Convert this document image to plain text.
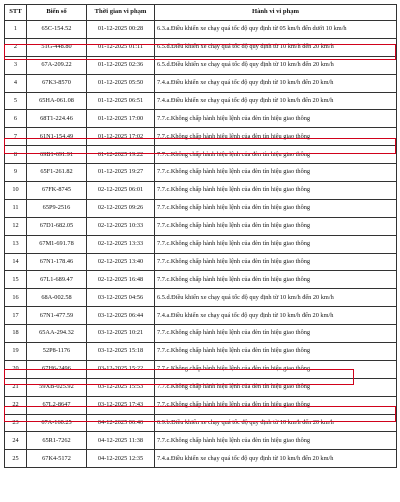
STT	Biển số	Thời gian vi phạm	Hành vi vi phạm
1	65C-154.52	01-12-2025 00:28	6.3.a.Điều khiển xe chạy quá tốc độ quy định từ 05 km/h đến dưới 10 km/h
2	51G-448.80	01-12-2025 01:11	6.5.d.Điều khiển xe chạy quá tốc độ quy định từ 10 km/h đến 20 km/h
3	67A-209.22	01-12-2025 02:36	6.5.d.Điều khiển xe chạy quá tốc độ quy định từ 10 km/h đến 20 km/h
4	67K3-8570	01-12-2025 05:50	7.4.a.Điều khiển xe chạy quá tốc độ quy định từ 10 km/h đến 20 km/h
5	65HA-061.08	01-12-2025 06:51	7.4.a.Điều khiển xe chạy quá tốc độ quy định từ 10 km/h đến 20 km/h
6	68T1-224.46	01-12-2025 17:00	7.7.c.Không chấp hành hiệu lệnh của đèn tín hiệu giao thông
7	61N1-154.49	01-12-2025 17:02	7.7.c.Không chấp hành hiệu lệnh của đèn tín hiệu giao thông
8	69B1-691.91	01-12-2025 19:22	7.7.c.Không chấp hành hiệu lệnh của đèn tín hiệu giao thông
9	65F1-261.82	01-12-2025 19:27	7.7.c.Không chấp hành hiệu lệnh của đèn tín hiệu giao thông
10	67FK-8745	02-12-2025 06:01	7.7.c.Không chấp hành hiệu lệnh của đèn tín hiệu giao thông
11	65P9-2516	02-12-2025 09:26	7.7.c.Không chấp hành hiệu lệnh của đèn tín hiệu giao thông
12	67D1-682.05	02-12-2025 10:33	7.7.c.Không chấp hành hiệu lệnh của đèn tín hiệu giao thông
13	67M1-691.78	02-12-2025 13:33	7.7.c.Không chấp hành hiệu lệnh của đèn tín hiệu giao thông
14	67N1-178.46	02-12-2025 13:40	7.7.c.Không chấp hành hiệu lệnh của đèn tín hiệu giao thông
15	67L1-689.47	02-12-2025 16:48	7.7.c.Không chấp hành hiệu lệnh của đèn tín hiệu giao thông
16	68A-002.58	03-12-2025 04:56	6.5.d.Điều khiển xe chạy quá tốc độ quy định từ 10 km/h đến 20 km/h
17	67N1-477.59	03-12-2025 06:44	7.4.a.Điều khiển xe chạy quá tốc độ quy định từ 10 km/h đến 20 km/h
18	65AA-294.32	03-12-2025 10:21	7.7.c.Không chấp hành hiệu lệnh của đèn tín hiệu giao thông
19	52P8-1176	03-12-2025 15:18	7.7.c.Không chấp hành hiệu lệnh của đèn tín hiệu giao thông
20	67H6-2496	03-12-2025 15:22	7.7.c.Không chấp hành hiệu lệnh của đèn tín hiệu giao thông
21	59XB-025.92	03-12-2025 15:53	7.7.c.Không chấp hành hiệu lệnh của đèn tín hiệu giao thông
22	67L2-8647	03-12-2025 17:43	7.7.c.Không chấp hành hiệu lệnh của đèn tín hiệu giao thông
23	67A-160.25	04-12-2025 06:46	6.9.b.Điều khiển xe chạy quá tốc độ quy định từ 10 km/h đến 20 km/h
24	65R1-7262	04-12-2025 11:38	7.7.c.Không chấp hành hiệu lệnh của đèn tín hiệu giao thông
25	67K4-5172	04-12-2025 12:35	7.4.a.Điều khiển xe chạy quá tốc độ quy định từ 10 km/h đến 20 km/h
